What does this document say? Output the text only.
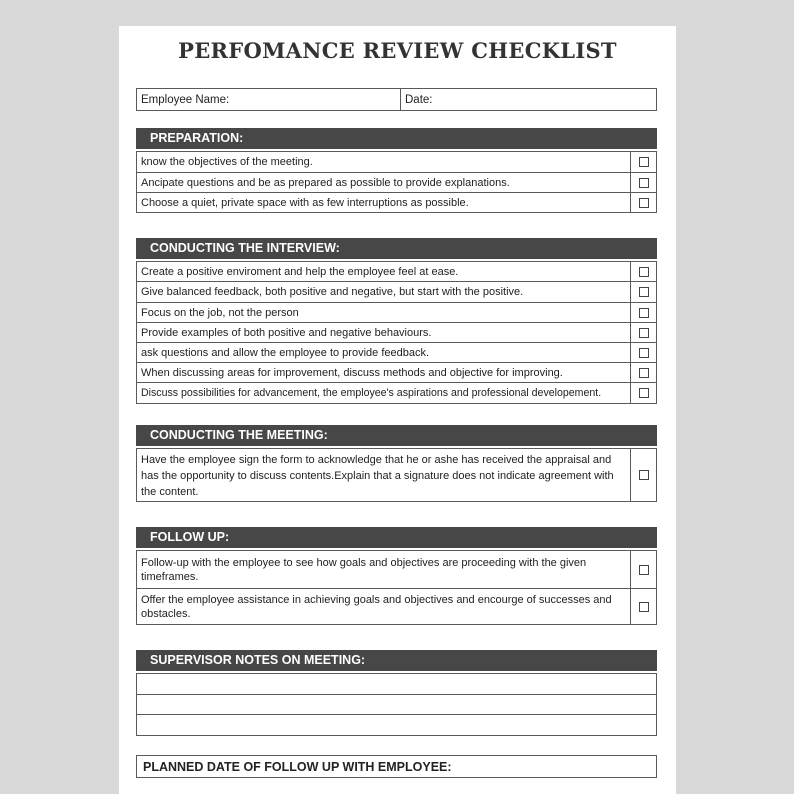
PERFOMANCE REVIEW CHECKLIST
Employee Name:	Date:
PREPARATION:
know the objectives of the meeting.
Ancipate questions and be as prepared as possible to provide explanations.
Choose a quiet, private space with as few interruptions as possible.
CONDUCTING THE INTERVIEW:
Create a positive enviroment and help the employee feel at ease.
Give balanced feedback, both positive and negative, but start with the positive.
Focus on the job, not the person
Provide examples of both positive and negative behaviours.
ask questions and allow the employee to provide feedback.
When discussing areas for improvement, discuss methods and objective for improving.
Discuss possibilities for advancement, the employee's aspirations and professional developement.
CONDUCTING THE MEETING:
Have the employee sign the form to acknowledge that he or ashe has received the appraisal and has the opportunity to discuss contents.Explain that a signature does not indicate agreement with the content.
FOLLOW UP:
Follow-up with the employee to see how goals and objectives are proceeding with the given timeframes.
Offer the employee assistance in achieving goals and objectives and encourge of successes and obstacles.
SUPERVISOR NOTES ON MEETING:
PLANNED DATE OF FOLLOW UP WITH EMPLOYEE:
